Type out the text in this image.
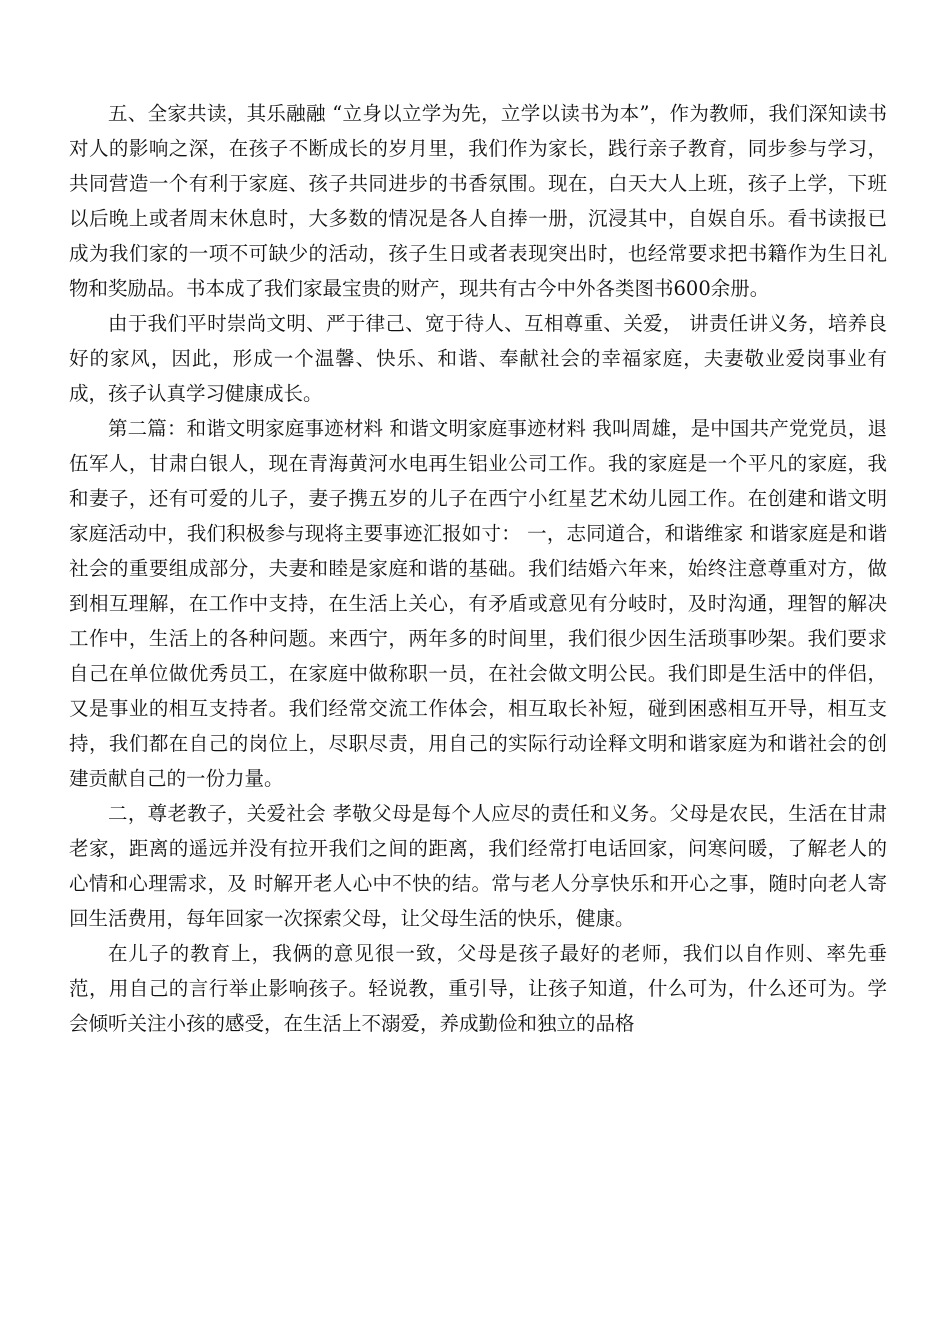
五、全家共读，其乐融融 “立身以立学为先，立学以读书为本”，作为教师，我们深知读书对人的影响之深，在孩子不断成长的岁月里，我们作为家长，践行亲子教育，同步参与学习，共同营造一个有利于家庭、孩子共同进步的书香氛围。现在，白天大人上班，孩子上学，下班以后晚上或者周末休息时，大多数的情况是各人自捧一册，沉浸其中，自娱自乐。看书读报已成为我们家的一项不可缺少的活动，孩子生日或者表现突出时，也经常要求把书籍作为生日礼物和奖励品。书本成了我们家最宝贵的财产，现共有古今中外各类图书600余册。

由于我们平时崇尚文明、严于律己、宽于待人、互相尊重、关爱， 讲责任讲义务，培养良好的家风，因此，形成一个温馨、快乐、和谐、奉献社会的幸福家庭，夫妻敬业爱岗事业有成，孩子认真学习健康成长。

第二篇：和谐文明家庭事迹材料 和谐文明家庭事迹材料 我叫周雄，是中国共产党党员，退伍军人，甘肃白银人，现在青海黄河水电再生铝业公司工作。我的家庭是一个平凡的家庭，我和妻子，还有可爱的儿子，妻子携五岁的儿子在西宁小红星艺术幼儿园工作。在创建和谐文明家庭活动中，我们积极参与现将主要事迹汇报如寸： 一，志同道合，和谐维家 和谐家庭是和谐社会的重要组成部分，夫妻和睦是家庭和谐的基础。我们结婚六年来，始终注意尊重对方，做到相互理解，在工作中支持，在生活上关心，有矛盾或意见有分岐时，及时沟通，理智的解决工作中，生活上的各种问题。来西宁，两年多的时间里，我们很少因生活琐事吵架。我们要求自己在单位做优秀员工，在家庭中做称职一员，在社会做文明公民。我们即是生活中的伴侣，又是事业的相互支持者。我们经常交流工作体会，相互取长补短，碰到困惑相互开导，相互支持，我们都在自己的岗位上，尽职尽责，用自己的实际行动诠释文明和谐家庭为和谐社会的创建贡献自己的一份力量。

二，尊老教子，关爱社会 孝敬父母是每个人应尽的责任和义务。父母是农民，生活在甘肃老家，距离的遥远并没有拉开我们之间的距离，我们经常打电话回家，问寒问暖，了解老人的心情和心理需求，及 时解开老人心中不快的结。常与老人分享快乐和开心之事，随时向老人寄回生活费用，每年回家一次探索父母，让父母生活的快乐，健康。

在儿子的教育上，我俩的意见很一致，父母是孩子最好的老师，我们以自作则、率先垂范，用自己的言行举止影响孩子。轻说教，重引导，让孩子知道，什么可为，什么还可为。学会倾听关注小孩的感受，在生活上不溺爱，养成勤俭和独立的品格
